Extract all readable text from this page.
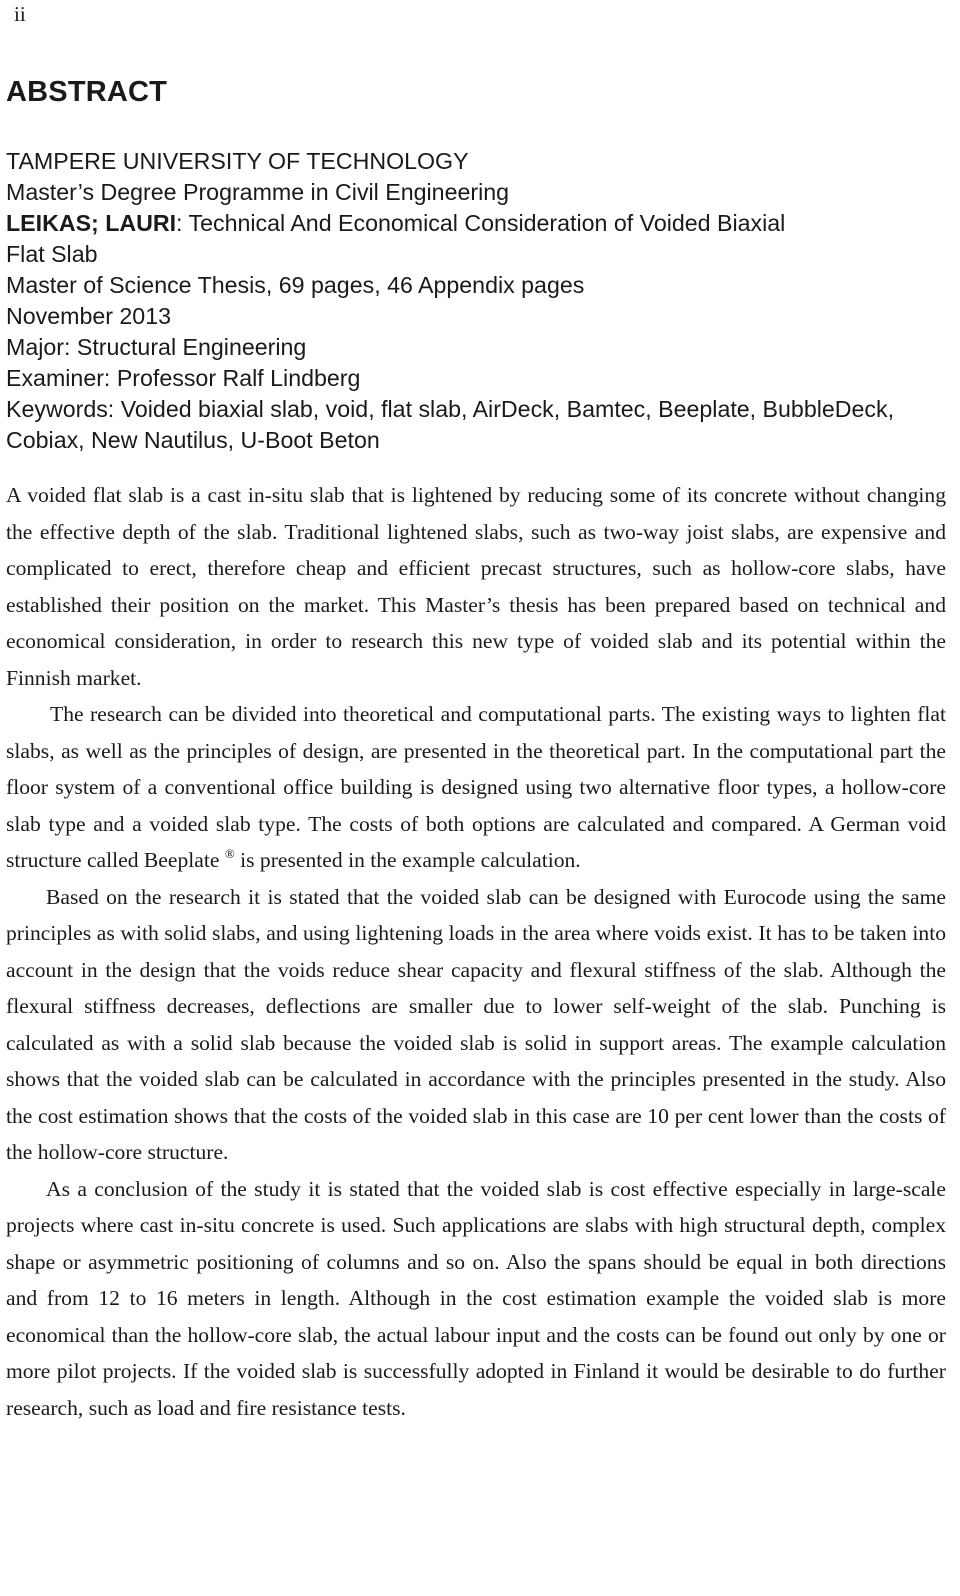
ii
ABSTRACT
TAMPERE UNIVERSITY OF TECHNOLOGY
Master’s Degree Programme in Civil Engineering
LEIKAS; LAURI: Technical And Economical Consideration of Voided Biaxial
Flat Slab
Master of Science Thesis, 69 pages, 46 Appendix pages
November 2013
Major: Structural Engineering
Examiner: Professor Ralf Lindberg
Keywords: Voided biaxial slab, void, flat slab, AirDeck, Bamtec, Beeplate, BubbleDeck, Cobiax, New Nautilus, U-Boot Beton

A voided flat slab is a cast in-situ slab that is lightened by reducing some of its concrete without changing the effective depth of the slab. Traditional lightened slabs, such as two-way joist slabs, are expensive and complicated to erect, therefore cheap and efficient precast structures, such as hollow-core slabs, have established their position on the market. This Master’s thesis has been prepared based on technical and economical consideration, in order to research this new type of voided slab and its potential within the Finnish market.

The research can be divided into theoretical and computational parts. The existing ways to lighten flat slabs, as well as the principles of design, are presented in the theoretical part. In the computational part the floor system of a conventional office building is designed using two alternative floor types, a hollow-core slab type and a voided slab type. The costs of both options are calculated and compared. A German void structure called Beeplate ® is presented in the example calculation.

Based on the research it is stated that the voided slab can be designed with Eurocode using the same principles as with solid slabs, and using lightening loads in the area where voids exist. It has to be taken into account in the design that the voids reduce shear capacity and flexural stiffness of the slab. Although the flexural stiffness decreases, deflections are smaller due to lower self-weight of the slab. Punching is calculated as with a solid slab because the voided slab is solid in support areas. The example calculation shows that the voided slab can be calculated in accordance with the principles presented in the study. Also the cost estimation shows that the costs of the voided slab in this case are 10 per cent lower than the costs of the hollow-core structure.

As a conclusion of the study it is stated that the voided slab is cost effective especially in large-scale projects where cast in-situ concrete is used. Such applications are slabs with high structural depth, complex shape or asymmetric positioning of columns and so on. Also the spans should be equal in both directions and from 12 to 16 meters in length. Although in the cost estimation example the voided slab is more economical than the hollow-core slab, the actual labour input and the costs can be found out only by one or more pilot projects. If the voided slab is successfully adopted in Finland it would be desirable to do further research, such as load and fire resistance tests.
